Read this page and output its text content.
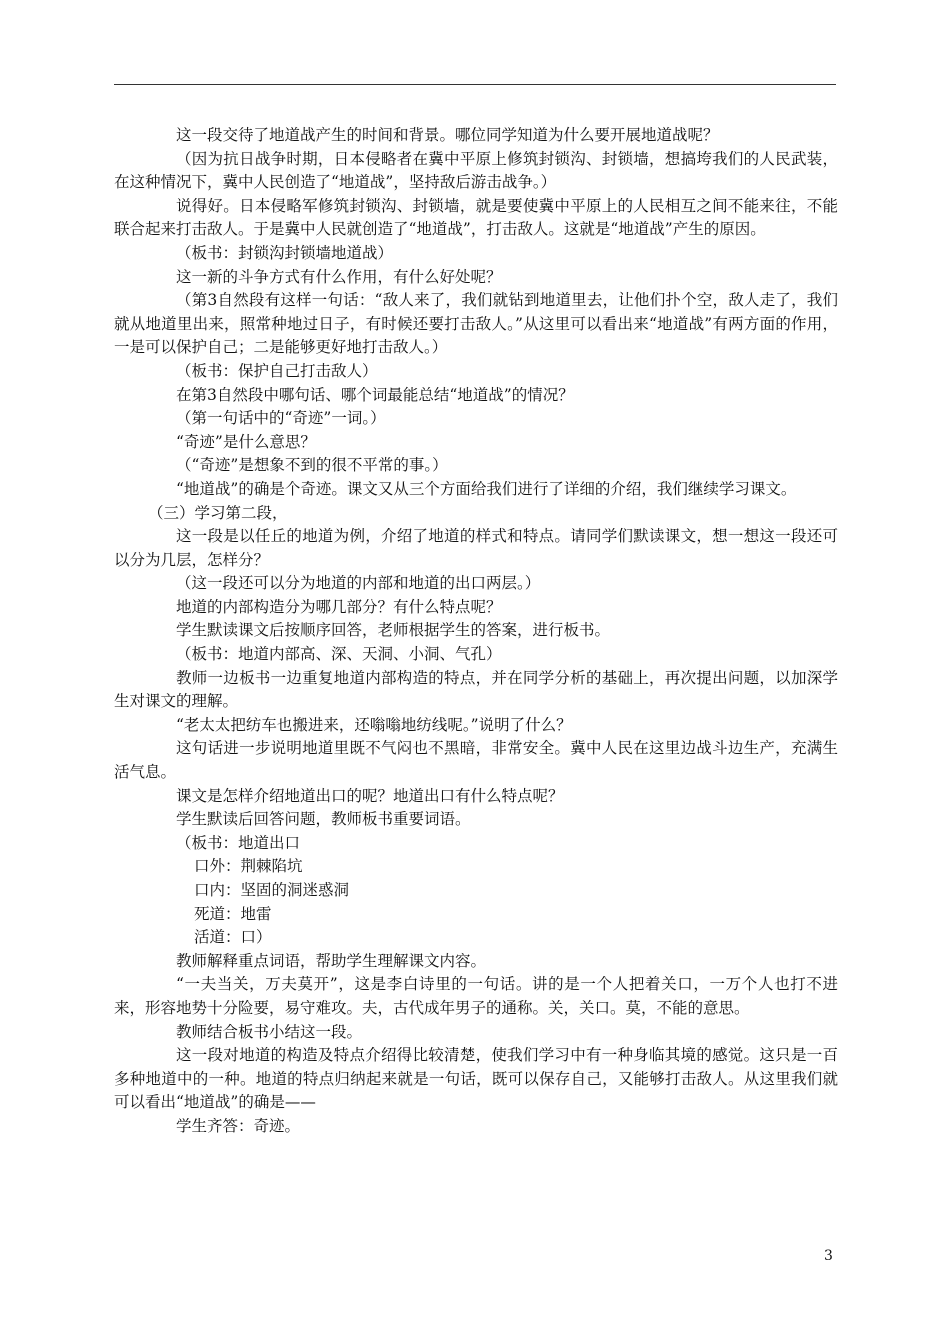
这一段交待了地道战产生的时间和背景。哪位同学知道为什么要开展地道战呢？

（因为抗日战争时期，日本侵略者在冀中平原上修筑封锁沟、封锁墙，想搞垮我们的人民武装，在这种情况下，冀中人民创造了“地道战”，坚持敌后游击战争。）

说得好。日本侵略军修筑封锁沟、封锁墙，就是要使冀中平原上的人民相互之间不能来往，不能联合起来打击敌人。于是冀中人民就创造了“地道战”，打击敌人。这就是“地道战”产生的原因。

（板书：封锁沟封锁墙地道战）

这一新的斗争方式有什么作用，有什么好处呢？

（第3自然段有这样一句话：“敌人来了，我们就钻到地道里去，让他们扑个空，敌人走了，我们就从地道里出来，照常种地过日子，有时候还要打击敌人。”从这里可以看出来“地道战”有两方面的作用，一是可以保护自己；二是能够更好地打击敌人。）

（板书：保护自己打击敌人）

在第3自然段中哪句话、哪个词最能总结“地道战”的情况？

（第一句话中的“奇迹”一词。）

“奇迹”是什么意思？

（“奇迹”是想象不到的很不平常的事。）

“地道战”的确是个奇迹。课文又从三个方面给我们进行了详细的介绍，我们继续学习课文。

（三）学习第二段，

这一段是以任丘的地道为例，介绍了地道的样式和特点。请同学们默读课文，想一想这一段还可以分为几层，怎样分？

（这一段还可以分为地道的内部和地道的出口两层。）

地道的内部构造分为哪几部分？有什么特点呢？

学生默读课文后按顺序回答，老师根据学生的答案，进行板书。

（板书：地道内部高、深、天洞、小洞、气孔）

教师一边板书一边重复地道内部构造的特点，并在同学分析的基础上，再次提出问题，以加深学生对课文的理解。

“老太太把纺车也搬进来，还嗡嗡地纺线呢。”说明了什么？

这句话进一步说明地道里既不气闷也不黑暗，非常安全。冀中人民在这里边战斗边生产，充满生活气息。

课文是怎样介绍地道出口的呢？地道出口有什么特点呢？

学生默读后回答问题，教师板书重要词语。

（板书：地道出口

口外：荆棘陷坑

口内：坚固的洞迷惑洞

死道：地雷

活道：口）

教师解释重点词语，帮助学生理解课文内容。

“一夫当关，万夫莫开”，这是李白诗里的一句话。讲的是一个人把着关口，一万个人也打不进来，形容地势十分险要，易守难攻。夫，古代成年男子的通称。关，关口。莫，不能的意思。

教师结合板书小结这一段。

这一段对地道的构造及特点介绍得比较清楚，使我们学习中有一种身临其境的感觉。这只是一百多种地道中的一种。地道的特点归纳起来就是一句话，既可以保存自己，又能够打击敌人。从这里我们就可以看出“地道战”的确是——

学生齐答：奇迹。

3
